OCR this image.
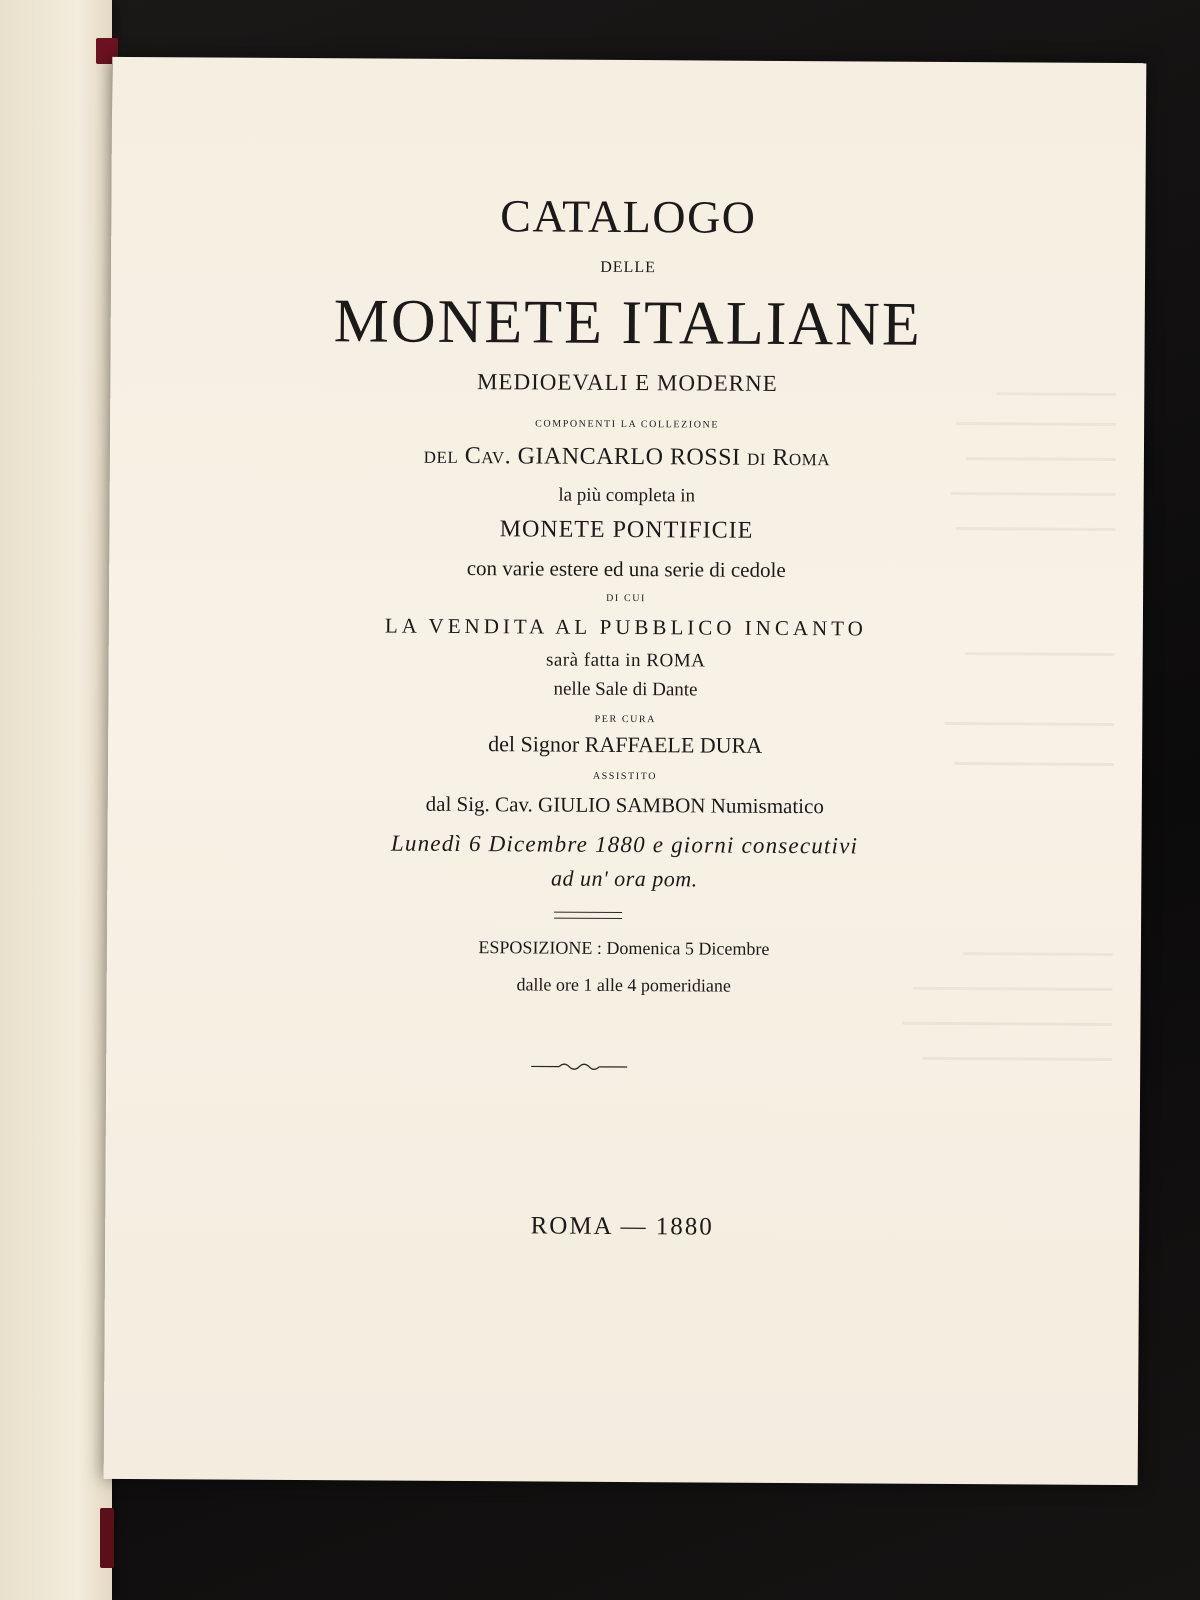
CATALOGO
DELLE
MONETE ITALIANE
MEDIOEVALI E MODERNE
COMPONENTI LA COLLEZIONE
del Cav. GIANCARLO ROSSI di Roma
la più completa in
MONETE PONTIFICIE
con varie estere ed una serie di cedole
DI CUI
LA VENDITA AL PUBBLICO INCANTO
sarà fatta in ROMA
nelle Sale di Dante
PER CURA
del Signor RAFFAELE DURA
ASSISTITO
dal Sig. Cav. GIULIO SAMBON Numismatico
Lunedì 6 Dicembre 1880 e giorni consecutivi
ad un' ora pom.
ESPOSIZIONE : Domenica 5 Dicembre
dalle ore 1 alle 4 pomeridiane
ROMA — 1880
